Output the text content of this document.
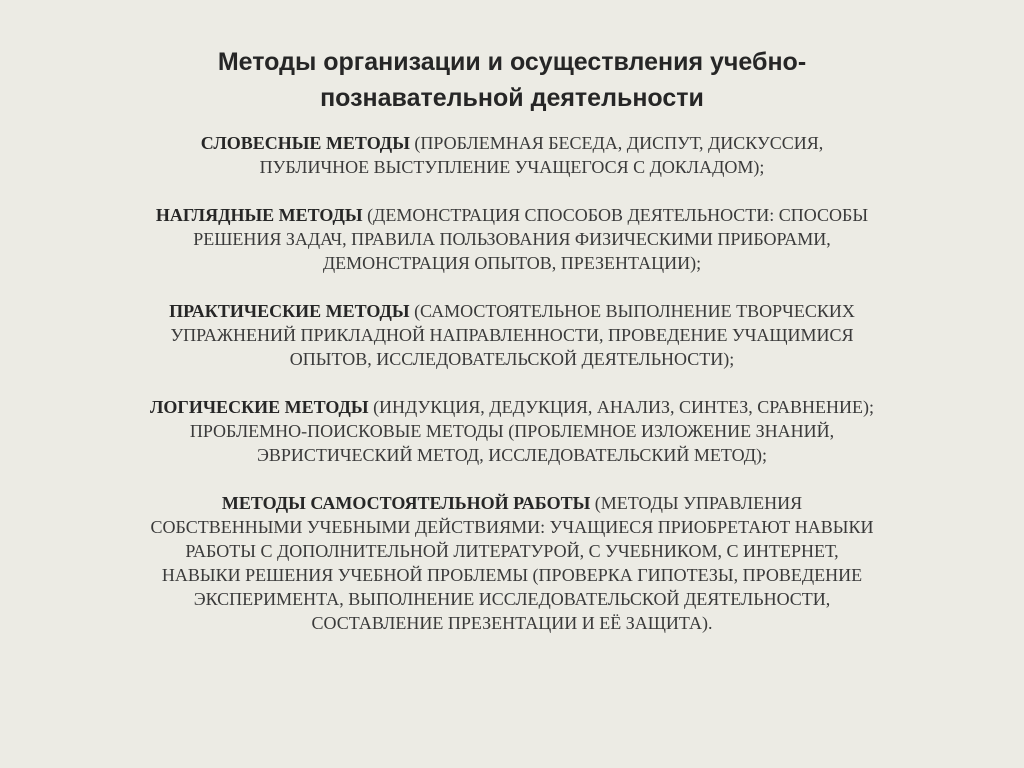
Методы организации и осуществления учебно-
познавательной деятельности

СЛОВЕСНЫЕ МЕТОДЫ (ПРОБЛЕМНАЯ БЕСЕДА, ДИСПУТ, ДИСКУССИЯ,
ПУБЛИЧНОЕ ВЫСТУПЛЕНИЕ УЧАЩЕГОСЯ С ДОКЛАДОМ);

НАГЛЯДНЫЕ МЕТОДЫ (ДЕМОНСТРАЦИЯ СПОСОБОВ ДЕЯТЕЛЬНОСТИ: СПОСОБЫ
РЕШЕНИЯ ЗАДАЧ, ПРАВИЛА ПОЛЬЗОВАНИЯ ФИЗИЧЕСКИМИ ПРИБОРАМИ,
ДЕМОНСТРАЦИЯ ОПЫТОВ, ПРЕЗЕНТАЦИИ);

ПРАКТИЧЕСКИЕ МЕТОДЫ (САМОСТОЯТЕЛЬНОЕ ВЫПОЛНЕНИЕ ТВОРЧЕСКИХ
УПРАЖНЕНИЙ ПРИКЛАДНОЙ НАПРАВЛЕННОСТИ, ПРОВЕДЕНИЕ УЧАЩИМИСЯ
ОПЫТОВ, ИССЛЕДОВАТЕЛЬСКОЙ ДЕЯТЕЛЬНОСТИ);

ЛОГИЧЕСКИЕ МЕТОДЫ (ИНДУКЦИЯ, ДЕДУКЦИЯ, АНАЛИЗ, СИНТЕЗ, СРАВНЕНИЕ);
ПРОБЛЕМНО-ПОИСКОВЫЕ МЕТОДЫ (ПРОБЛЕМНОЕ ИЗЛОЖЕНИЕ ЗНАНИЙ,
ЭВРИСТИЧЕСКИЙ МЕТОД, ИССЛЕДОВАТЕЛЬСКИЙ МЕТОД);

МЕТОДЫ САМОСТОЯТЕЛЬНОЙ РАБОТЫ (МЕТОДЫ УПРАВЛЕНИЯ
СОБСТВЕННЫМИ УЧЕБНЫМИ ДЕЙСТВИЯМИ: УЧАЩИЕСЯ ПРИОБРЕТАЮТ НАВЫКИ
РАБОТЫ С ДОПОЛНИТЕЛЬНОЙ ЛИТЕРАТУРОЙ, С УЧЕБНИКОМ, С ИНТЕРНЕТ,
НАВЫКИ РЕШЕНИЯ УЧЕБНОЙ ПРОБЛЕМЫ (ПРОВЕРКА ГИПОТЕЗЫ, ПРОВЕДЕНИЕ
ЭКСПЕРИМЕНТА, ВЫПОЛНЕНИЕ ИССЛЕДОВАТЕЛЬСКОЙ ДЕЯТЕЛЬНОСТИ,
СОСТАВЛЕНИЕ ПРЕЗЕНТАЦИИ И ЕЁ ЗАЩИТА).
